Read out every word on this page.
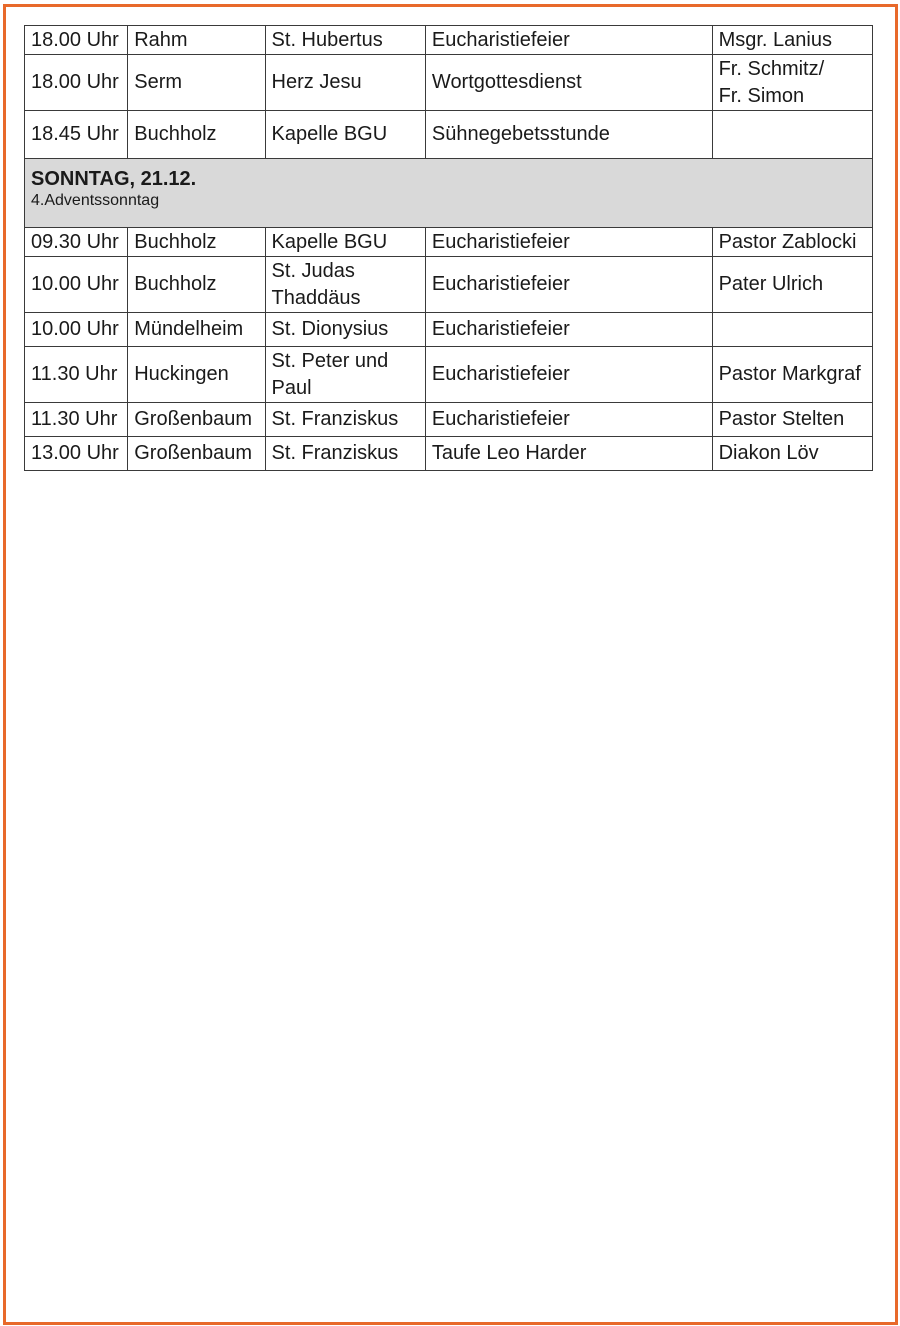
18.00 Uhr	Rahm	St. Hubertus	Eucharistiefeier	Msgr. Lanius

18.00 Uhr	Serm	Herz Jesu	Wortgottesdienst	Fr. Schmitz/
Fr. Simon

18.45 Uhr	Buchholz	Kapelle BGU	Sühnegebetsstunde	

SONNTAG, 21.12.
4.Adventssonntag				

09.30 Uhr	Buchholz	Kapelle BGU	Eucharistiefeier	Pastor Zablocki

10.00 Uhr	Buchholz	St. Judas
Thaddäus	Eucharistiefeier	Pater Ulrich

10.00 Uhr	Mündelheim	St. Dionysius	Eucharistiefeier	

11.30 Uhr	Huckingen	St. Peter und
Paul	Eucharistiefeier	Pastor Markgraf

11.30 Uhr	Großenbaum	St. Franziskus	Eucharistiefeier	Pastor Stelten

13.00 Uhr	Großenbaum	St. Franziskus	Taufe Leo Harder	Diakon Löv
